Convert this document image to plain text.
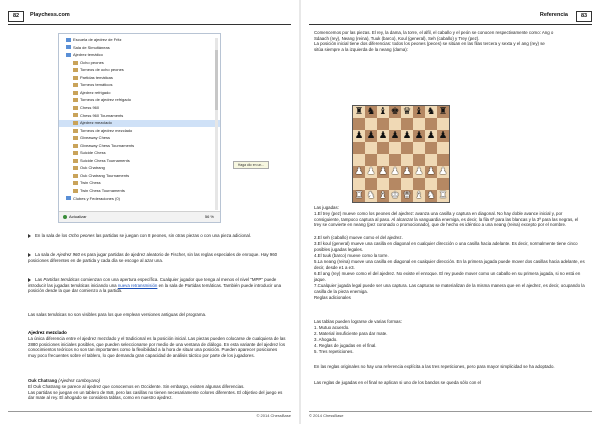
82	Playchess.com
Escuela de ajedrez de Fritz
Sala de Simultáneas
Ajedrez temático
Ocho peones
Torneos de ocho peones
Partidas temáticas
Torneos temáticos
Ajedrez refrigado
Torneos de ajedrez refrigado
Chess 960
Chess 960 Tournaments
Ajedrez mezclado
Torneos de ajedrez mezclado
Giveaway Chess
Giveaway Chess Tournaments
Suicide Chess
Suicide Chess Tournaments
Ouk Chatrang
Ouk Chatrang Tournaments
Twin Chess
Twin Chess Tournaments
Clubes y Federaciones (0)
Haga clic en un...
Actualizar	56 %
En la sala de los Ocho peones las partidas se juegan con 8 peones, sin otras piezas o con una pieza adicional.
La sala de Ajedrez 960 es para jugar partidas de ajedrez aleatorio de Fischer, sin las reglas especiales de enroque. Hay 960 posiciones diferentes en de partida y cada día se escoge al azar una.
Las Partidas temáticas comienzan con una apertura específica. Cualquier jugador que tenga al menos el nivel "MPP" puede introducir las jugadas temáticas iniciando una nueva retransmisión en la sala de Partidas temáticas. También puede introducir una posición desde la que dar comienzo a la partida.
Las salas temáticas no son visibles para los que emplean versiones antiguas del programa.
Ajedrez mezclado
La única diferencia entre el ajedrez mezclado y el tradicional es la posición inicial. Las piezas pueden colocarse de cualquiera de las 2880 posiciones iniciales posibles, que pueden seleccionarse por medio de una ventana de diálogo. En esta variante del ajedrez los conocimientos teóricos no son tan importantes como la flexibilidad a la hora de situar una posición. Pueden aparecer posiciones muy poco frecuentes sobre el tablero, lo que demanda gran capacidad de análisis táctico por parte de los jugadores.
Ouk Chatrang (Ajedrez camboyano)
El Ouk Chatrang se parece al ajedrez que conocemos en Occidente. Sin embargo, existen algunas diferencias.
Las partidas se juegan en un tablero de 8x8, pero las casillas no tienen necesariamente colores diferentes. El objetivo del juego es dar mate al rey. El ahogado se considera tablas, como en nuestro ajedrez.
© 2014 ChessBase
Referencia	83
Comencemos por las piezas. El rey, la dama, la torre, el alfil, el caballo y el peón se conocen respectivamente como: Ang o Sdaach (rey), Neang (reina), Tuuk (barco), Koul (general), Seh (caballo) y Trey (pez).
La posición inicial tiene dos diferencias: todos los peones (peces) se sitúan en las filas tercera y sexta y el ang (rey) se sitúa siempre a la izquierda de la neang (dama):
Las jugadas:
1.El trey (pez) mueve como los peones del ajedrez: avanza una casilla y captura en diagonal. No hay doble avance inicial y, por consiguiente, tampoco captura al paso. Al alcanzar la vanguardia enemiga, es decir, la fila 6ª para las blancas y la 3ª para las negras, el trey se convierte en neang (pez coronado o promocionado), que de hecho es idéntico a una neang (reina) excepto por el nombre.
2.El seh (caballo) mueve como el del ajedrez.
3.El koul (general) mueve una casilla en diagonal en cualquier dirección o una casilla hacia adelante. Es decir, normalmente tiene cinco posibles jugadas legales.
4.El tuuk (barco) mueve como la torre.
5.La neang (reina) mueve una casilla en diagonal en cualquier dirección. En la primera jugada puede mover dos casillas hacia adelante, es decir, desde e1 a e3.
6.El ang (rey) mueve como el del ajedrez. No existe el enroque. El rey puede mover como un caballo en su primera jugada, si no está en jaque.
7.Cualquier jugada legal puede ser una captura. Las capturas se materializan de la misma manera que en el ajedrez, es decir, ocupando la casilla de la pieza enemiga.
Reglas adicionales
Las tablas pueden lograrse de varias formas:
1. Mutuo acuerdo.
2. Material insuficiente para dar mate.
3. Ahogado.
4. Reglas de jugadas en el final.
5. Tres repeticiones.
En las reglas originales no hay una referencia explícita a las tres repeticiones, pero para mayor simplicidad se ha adoptado.
Las reglas de jugadas en el final se aplican si uno de los bandos se queda sólo con el
© 2014 ChessBase
♜ ♞ ♝ ♚ ♛ ♝ ♞ ♜
♟ ♟ ♟ ♟ ♟ ♟ ♟ ♟
♟ ♟ ♟ ♟ ♟ ♟ ♟ ♟
♜ ♞ ♝ ♚ ♛ ♝ ♞ ♜
